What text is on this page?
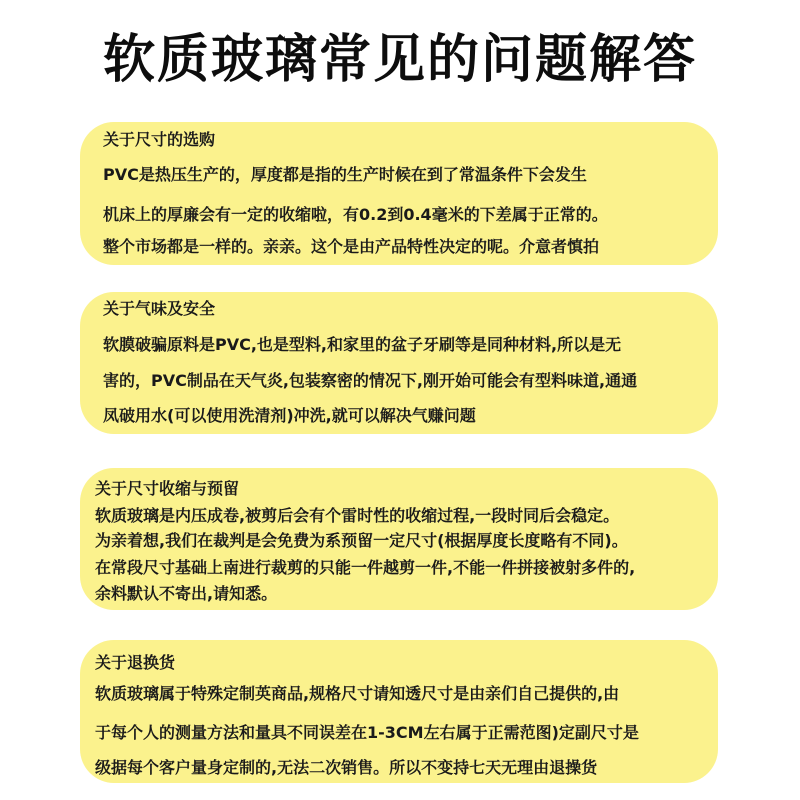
软质玻璃常见的问题解答
关于尺寸的选购
PVC是热压生产的，厚度都是指的生产时候在到了常温条件下会发生
机床上的厚廉会有一定的收缩啦，有0.2到0.4毫米的下差属于正常的。
整个市场都是一样的。亲亲。这个是由产品特性决定的呢。介意者慎拍
关于气味及安全
软膜破骗原料是PVC,也是型料,和家里的盆子牙刷等是同种材料,所以是无
害的，PVC制品在天气炎,包装察密的情况下,刚开始可能会有型料味道,通通
凤破用水(可以使用洗清剂)冲洗,就可以解决气赚问题
关于尺寸收缩与预留
软质玻璃是内压成卷,被剪后会有个雷时性的收缩过程,一段时同后会稳定。
为亲着想,我们在裁判是会免费为系预留一定尺寸(根据厚度长度略有不同)。
在常段尺寸基础上南进行裁剪的只能一件越剪一件,不能一件拼接被射多件的,
余料默认不寄出,请知悉。
关于退换货
软质玻璃属于特殊定制英商品,规格尺寸请知透尺寸是由亲们自己提供的,由
于每个人的测量方法和量具不同误差在1-3CM左右属于正需范图)定副尺寸是
级据每个客户量身定制的,无法二次销售。所以不变持七天无理由退操货
